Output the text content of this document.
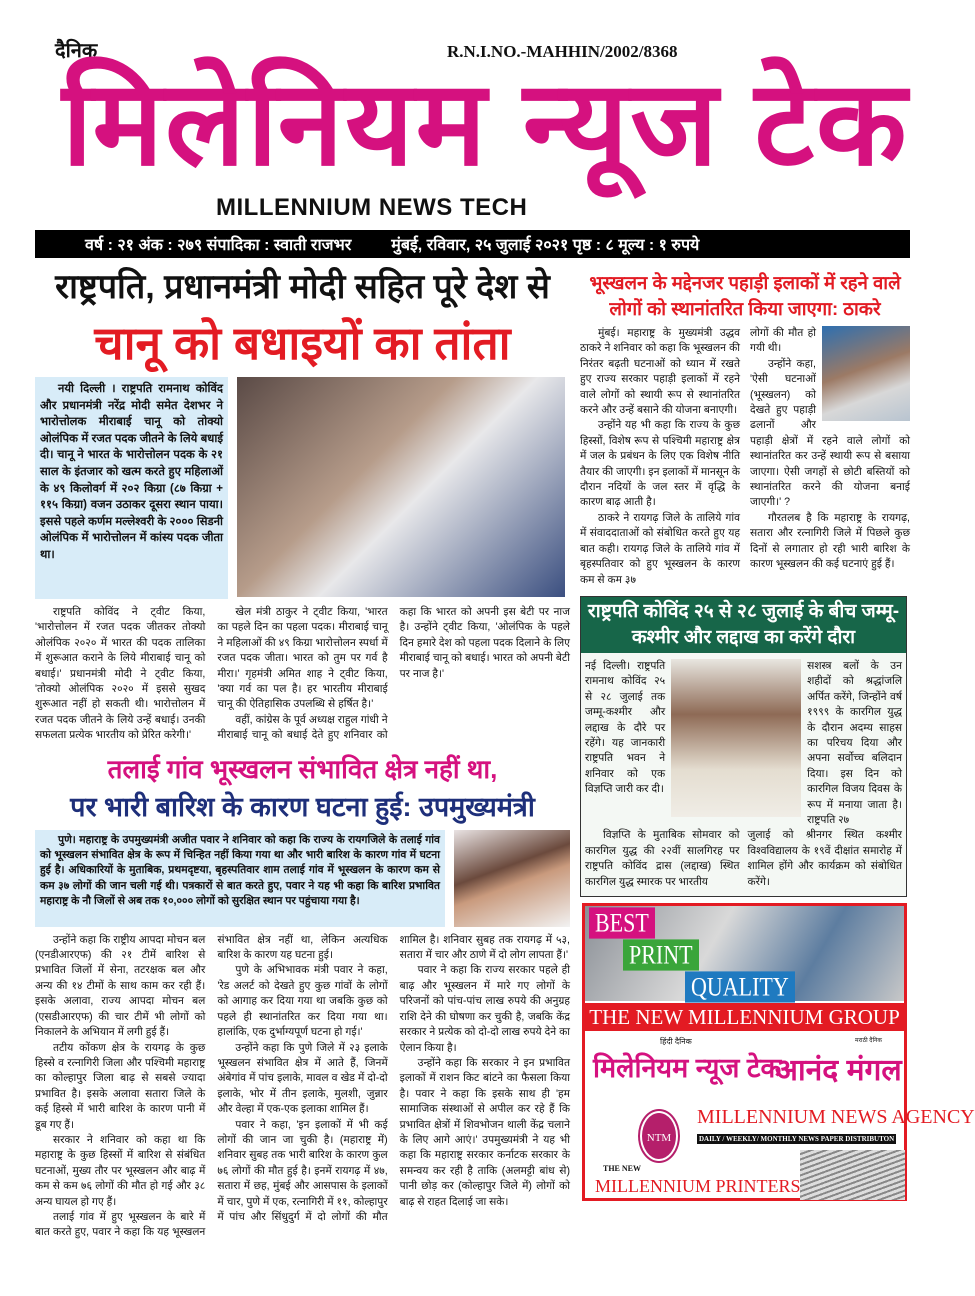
दैनिक	R.N.I.NO.-MAHHIN/2002/8368
मिलेनियम न्यूज टेक
MILLENNIUM NEWS TECH
वर्ष : २१ अंक : २७९ संपादिका : स्वाती राजभर	मुंबई, रविवार, २५ जुलाई २०२१ पृष्ठ : ८ मूल्य : १ रुपये
राष्ट्रपति, प्रधानमंत्री मोदी सहित पूरे देश से
चानू को बधाइयों का तांता
नयी दिल्ली । राष्ट्रपति रामनाथ कोविंद और प्रधानमंत्री नरेंद्र मोदी समेत देशभर ने भारोत्तोलक मीराबाई चानू को तोक्यो ओलंपिक में रजत पदक जीतने के लिये बधाई दी। चानू ने भारत के भारोत्तोलन पदक के २१ साल के इंतजार को खत्म करते हुए महिलाओं के ४९ किलोवर्ग में २०२ किग्रा (८७ किग्रा + ११५ किग्रा) वजन उठाकर दूसरा स्थान पाया। इससे पहले कर्णम मल्लेश्वरी के २००० सिडनी ओलंपिक में भारोत्तोलन में कांस्य पदक जीता था।

राष्ट्रपति कोविंद ने ट्वीट किया, 'भारोत्तोलन में रजत पदक जीतकर तोक्यो ओलंपिक २०२० में भारत की पदक तालिका में शुरूआत कराने के लिये मीराबाई चानू को बधाई।' प्रधानमंत्री मोदी ने ट्वीट किया, 'तोक्यो ओलंपिक २०२० में इससे सुखद शुरूआत नहीं हो सकती थी। भारोत्तोलन में रजत पदक जीतने के लिये उन्हें बधाई। उनकी सफलता प्रत्येक भारतीय को प्रेरित करेगी।'

खेल मंत्री ठाकुर ने ट्वीट किया, 'भारत का पहले दिन का पहला पदक। मीराबाई चानू ने महिलाओं की ४९ किग्रा भारोत्तोलन स्पर्धा में रजत पदक जीता। भारत को तुम पर गर्व है मीरा।' गृहमंत्री अमित शाह ने ट्वीट किया, 'क्या गर्व का पल है। हर भारतीय मीराबाई चानू की ऐतिहासिक उपलब्धि से हर्षित है।'

वहीं, कांग्रेस के पूर्व अध्यक्ष राहुल गांधी ने मीराबाई चानू को बधाई देते हुए शनिवार को कहा कि भारत को अपनी इस बेटी पर नाज है। उन्होंने ट्वीट किया, 'ओलंपिक के पहले दिन हमारे देश को पहला पदक दिलाने के लिए मीराबाई चानू को बधाई। भारत को अपनी बेटी पर नाज है।'

तलाई गांव भूस्खलन संभावित क्षेत्र नहीं था,
पर भारी बारिश के कारण घटना हुई: उपमुख्यमंत्री
पुणे। महाराष्ट्र के उपमुख्यमंत्री अजीत पवार ने शनिवार को कहा कि राज्य के रायगजिले के तलाई गांव को भूस्खलन संभावित क्षेत्र के रूप में चिन्हित नहीं किया गया था और भारी बारिश के कारण गांव में घटना हुई है। अधिकारियों के मुताबिक, प्रथमदृष्टया, बृहस्पतिवार शाम तलाई गांव में भूस्खलन के कारण कम से कम ३७ लोगों की जान चली गई थी। पत्रकारों से बात करते हुए, पवार ने यह भी कहा कि बारिश प्रभावित महाराष्ट्र के नौ जिलों से अब तक १०,००० लोगों को सुरक्षित स्थान पर पहुंचाया गया है।

उन्होंने कहा कि राष्ट्रीय आपदा मोचन बल (एनडीआरएफ) की २१ टीमें बारिश से प्रभावित जिलों में सेना, तटरक्षक बल और अन्य की १४ टीमों के साथ काम कर रही हैं। इसके अलावा, राज्य आपदा मोचन बल (एसडीआरएफ) की चार टीमें भी लोगों को निकालने के अभियान में लगी हुई हैं।

तटीय कोंकण क्षेत्र के रायगढ़ के कुछ हिस्से व रत्नागिरी जिला और पश्चिमी महाराष्ट्र का कोल्हापुर जिला बाढ़ से सबसे ज्यादा प्रभावित है। इसके अलावा सतारा जिले के कई हिस्से में भारी बारिश के कारण पानी में डूब गए हैं।

सरकार ने शनिवार को कहा था कि महाराष्ट्र के कुछ हिस्सों में बारिश से संबंधित घटनाओं, मुख्य तौर पर भूस्खलन और बाढ़ में कम से कम ७६ लोगों की मौत हो गई और ३८ अन्य घायल हो गए हैं।

तलाई गांव में हुए भूस्खलन के बारे में बात करते हुए, पवार ने कहा कि यह भूस्खलन संभावित क्षेत्र नहीं था, लेकिन अत्यधिक बारिश के कारण यह घटना हुई।

पुणे के अभिभावक मंत्री पवार ने कहा, 'रेड अलर्ट को देखते हुए कुछ गांवों के लोगों को आगाह कर दिया गया था जबकि कुछ को पहले ही स्थानांतरित कर दिया गया था। हालांकि, एक दुर्भाग्यपूर्ण घटना हो गई।'

उन्होंने कहा कि पुणे जिले में २३ इलाके भूस्खलन संभावित क्षेत्र में आते हैं, जिनमें अंबेगांव में पांच इलाके, मावल व खेड में दो-दो इलाके, भोर में तीन इलाके, मुलशी, जुन्नार और वेल्हा में एक-एक इलाका शामिल हैं।

पवार ने कहा, 'इन इलाकों में भी कई लोगों की जान जा चुकी है। (महाराष्ट्र में) शनिवार सुबह तक भारी बारिश के कारण कुल ७६ लोगों की मौत हुई है। इनमें रायगढ़ में ४७, सतारा में छह, मुंबई और आसपास के इलाकों में चार, पुणे में एक, रत्नागिरी में ११, कोल्हापुर में पांच और सिंधुदुर्ग में दो लोगों की मौत शामिल है। शनिवार सुबह तक रायगढ़ में ५३, सतारा में चार और ठाणे में दो लोग लापता हैं।'

पवार ने कहा कि राज्य सरकार पहले ही बाढ़ और भूस्खलन में मारे गए लोगों के परिजनों को पांच-पांच लाख रुपये की अनुग्रह राशि देने की घोषणा कर चुकी है, जबकि केंद्र सरकार ने प्रत्येक को दो-दो लाख रुपये देने का ऐलान किया है।

उन्होंने कहा कि सरकार ने इन प्रभावित इलाकों में राशन किट बांटने का फैसला किया है। पवार ने कहा कि इसके साथ ही 'हम सामाजिक संस्थाओं से अपील कर रहे हैं कि प्रभावित क्षेत्रों में शिवभोजन थाली केंद्र चलाने के लिए आगे आएं।' उपमुख्यमंत्री ने यह भी कहा कि महाराष्ट्र सरकार कर्नाटक सरकार के समन्वय कर रही है ताकि (अलमट्टी बांध से) पानी छोड़ कर (कोल्हापुर जिले में) लोगों को बाढ़ से राहत दिलाई जा सके।

भूस्खलन के मद्देनजर पहाड़ी इलाकों में रहने वाले लोगों को स्थानांतरित किया जाएगा: ठाकरे

मुंबई। महाराष्ट्र के मुख्यमंत्री उद्धव ठाकरे ने शनिवार को कहा कि भूस्खलन की निरंतर बढ़ती घटनाओं को ध्यान में रखते हुए राज्य सरकार पहाड़ी इलाकों में रहने वाले लोगों को स्थायी रूप से स्थानांतरित करने और उन्हें बसाने की योजना बनाएगी।

उन्होंने यह भी कहा कि राज्य के कुछ हिस्सों, विशेष रूप से पश्चिमी महाराष्ट्र क्षेत्र में जल के प्रबंधन के लिए एक विशेष नीति तैयार की जाएगी। इन इलाकों में मानसून के दौरान नदियों के जल स्तर में वृद्धि के कारण बाढ़ आती है।

ठाकरे ने रायगढ़ जिले के तालिये गांव में संवाददाताओं को संबोधित करते हुए यह बात कही। रायगढ़ जिले के तालिये गांव में बृहस्पतिवार को हुए भूस्खलन के कारण कम से कम ३७

लोगों की मौत हो गयी थी।

उन्होंने कहा, 'ऐसी घटनाओं (भूस्खलन) को देखते हुए पहाड़ी ढलानों और पहाड़ी क्षेत्रों में रहने वाले लोगों को स्थानांतरित कर उन्हें स्थायी रूप से बसाया जाएगा। ऐसी जगहों से छोटी बस्तियों को स्थानांतरित करने की योजना बनाई जाएगी।' ?

गौरतलब है कि महाराष्ट्र के रायगढ़, सतारा और रत्नागिरी जिले में पिछले कुछ दिनों से लगातार हो रही भारी बारिश के कारण भूस्खलन की कई घटनाएं हुई हैं।

राष्ट्रपति कोविंद २५ से २८ जुलाई के बीच जम्मू-कश्मीर और लद्दाख का करेंगे दौरा
नई दिल्ली। राष्ट्रपति रामनाथ कोविंद २५ से २८ जुलाई तक जम्मू-कश्मीर और लद्दाख के दौरे पर रहेंगे। यह जानकारी राष्ट्रपति भवन ने शनिवार को एक विज्ञप्ति जारी कर दी।
सशस्त्र बलों के उन शहीदों को श्रद्धांजलि अर्पित करेंगे, जिन्होंने वर्ष १९९९ के कारगिल युद्ध के दौरान अदम्य साहस का परिचय दिया और अपना सर्वोच्च बलिदान दिया। इस दिन को कारगिल विजय दिवस के रूप में मनाया जाता है। राष्ट्रपति २७
विज्ञप्ति के मुताबिक सोमवार को कारगिल युद्ध की २२वीं सालगिरह पर राष्ट्रपति कोविंद द्रास (लद्दाख) स्थित कारगिल युद्ध स्मारक पर भारतीय
जुलाई को श्रीनगर स्थित कश्मीर विश्वविद्यालय के १९वें दीक्षांत समारोह में शामिल होंगे और कार्यक्रम को संबोधित करेंगे।
BEST
PRINT
QUALITY
THE NEW MILLENNIUM GROUP
हिंदी दैनिक
मिलेनियम न्यूज टेक
मराठी दैनिक
आनंद मंगल
NTM
MILLENNIUM NEWS AGENCY
DAILY / WEEKLY/ MONTHLY NEWS PAPER DISTRIBUTON
THE NEW
MILLENNIUM PRINTERS
